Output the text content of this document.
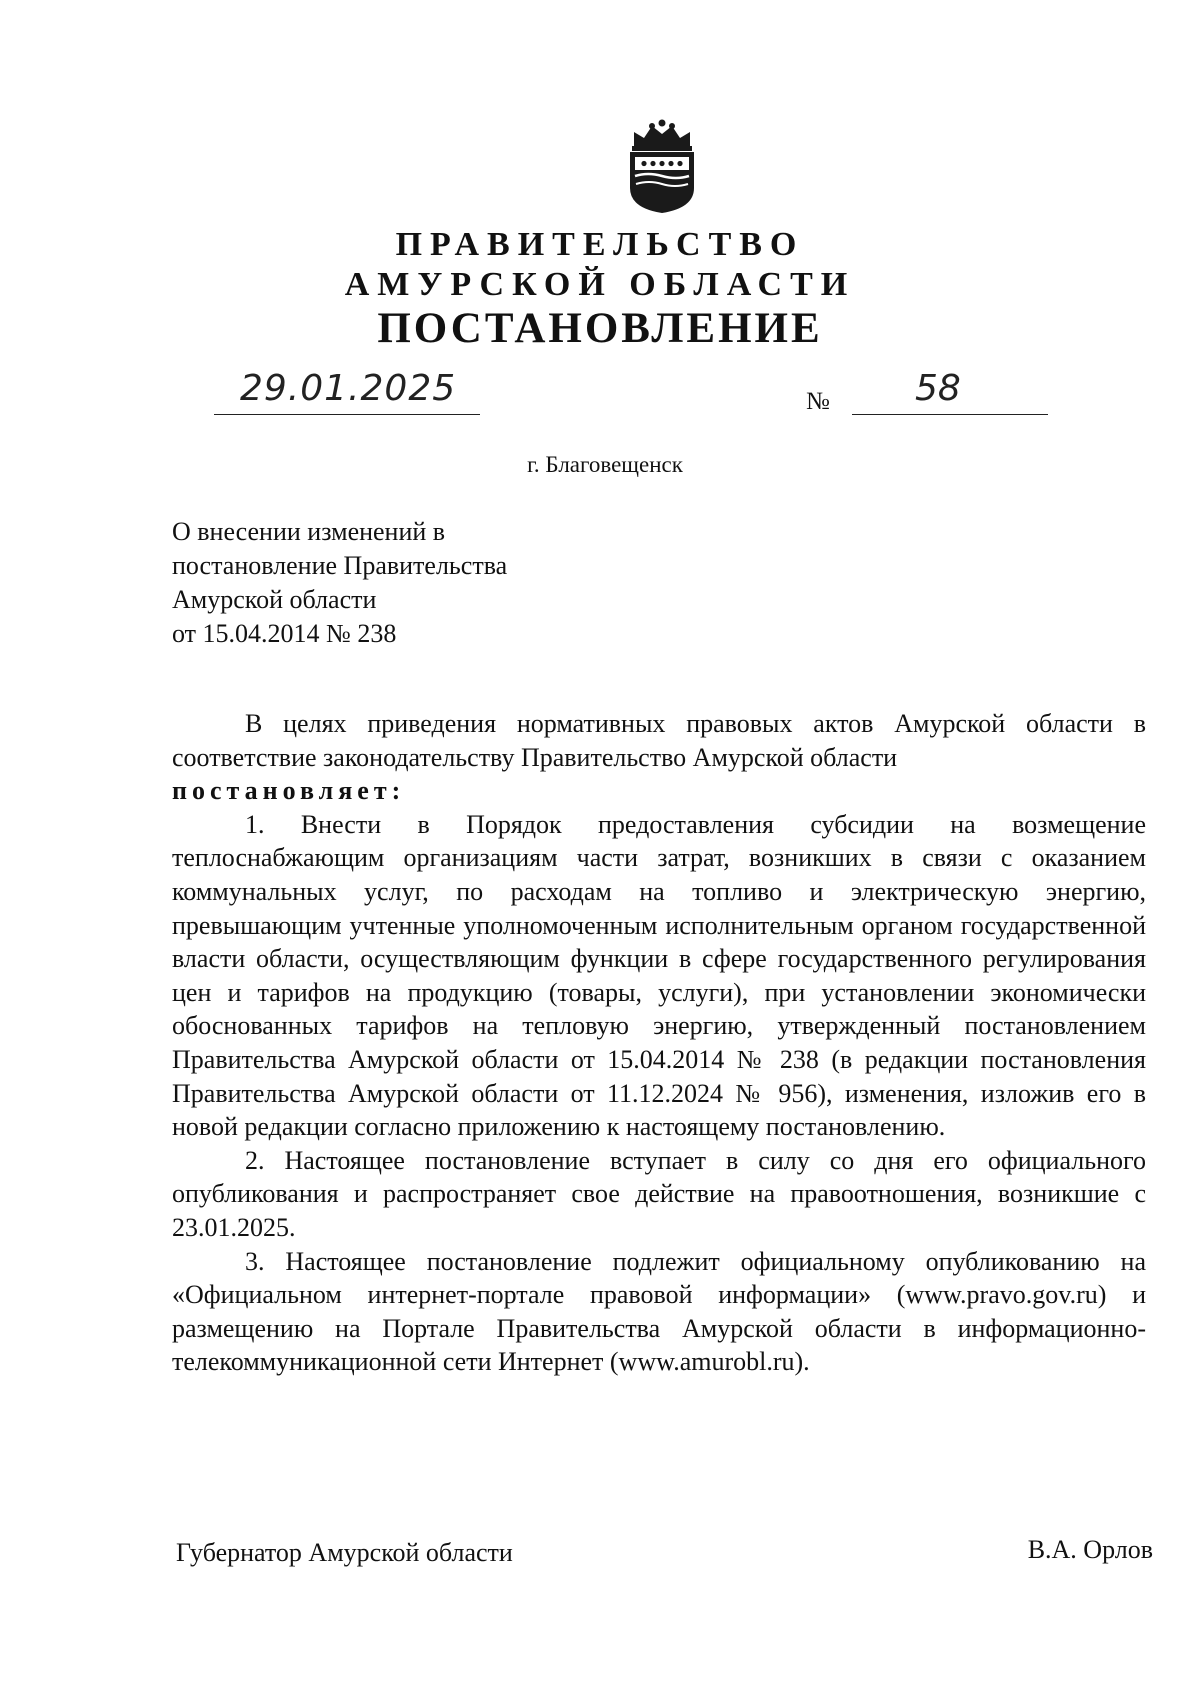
ПРАВИТЕЛЬСТВО
АМУРСКОЙ ОБЛАСТИ
ПОСТАНОВЛЕНИЕ
29.01.2025	№ 58
г. Благовещенск
О внесении изменений в
постановление Правительства
Амурской области
от 15.04.2014 № 238

В целях приведения нормативных правовых актов Амурской области в соответствие законодательству Правительство Амурской области

постановляет:

1. Внести в Порядок предоставления субсидии на возмещение теплоснабжающим организациям части затрат, возникших в связи с оказанием коммунальных услуг, по расходам на топливо и электрическую энергию, превышающим учтенные уполномоченным исполнительным органом государственной власти области, осуществляющим функции в сфере государственного регулирования цен и тарифов на продукцию (товары, услуги), при установлении экономически обоснованных тарифов на тепловую энергию, утвержденный постановлением Правительства Амурской области от 15.04.2014 № 238 (в редакции постановления Правительства Амурской области от 11.12.2024 № 956), изменения, изложив его в новой редакции согласно приложению к настоящему постановлению.

2. Настоящее постановление вступает в силу со дня его официального опубликования и распространяет свое действие на правоотношения, возникшие с 23.01.2025.

3. Настоящее постановление подлежит официальному опубликованию на «Официальном интернет-портале правовой информации» (www.pravo.gov.ru) и размещению на Портале Правительства Амурской области в информационно-телекоммуникационной сети Интернет (www.amurobl.ru).

Губернатор Амурской области	В.А. Орлов
